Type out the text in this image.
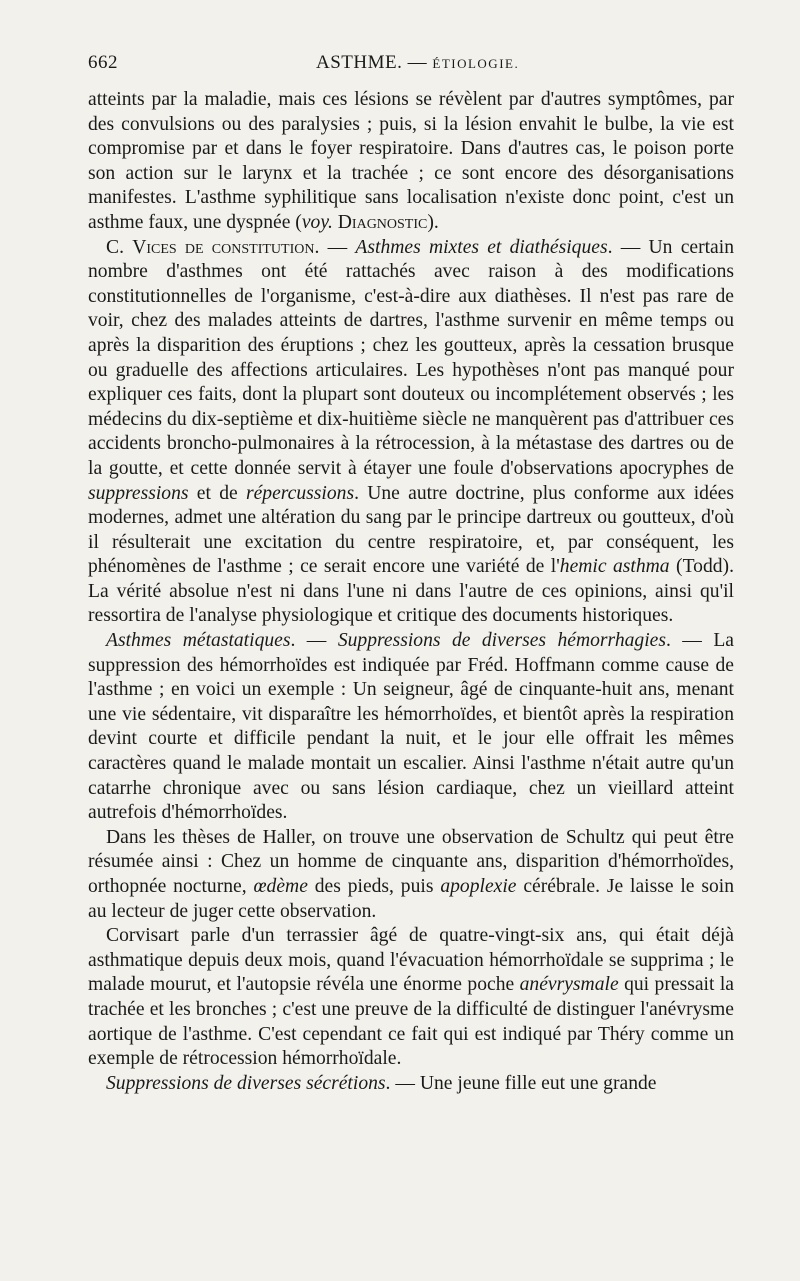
662	ASTHME. — ÉTIOLOGIE.

atteints par la maladie, mais ces lésions se révèlent par d'autres symptômes, par des convulsions ou des paralysies ; puis, si la lésion envahit le bulbe, la vie est compromise par et dans le foyer respiratoire. Dans d'autres cas, le poison porte son action sur le larynx et la trachée ; ce sont encore des désorganisations manifestes. L'asthme syphilitique sans localisation n'existe donc point, c'est un asthme faux, une dyspnée (voy. Diagnostic).

C. Vices de constitution. — Asthmes mixtes et diathésiques. — Un certain nombre d'asthmes ont été rattachés avec raison à des modifications constitutionnelles de l'organisme, c'est-à-dire aux diathèses. Il n'est pas rare de voir, chez des malades atteints de dartres, l'asthme survenir en même temps ou après la disparition des éruptions ; chez les goutteux, après la cessation brusque ou graduelle des affections articulaires. Les hypothèses n'ont pas manqué pour expliquer ces faits, dont la plupart sont douteux ou incomplétement observés ; les médecins du dix-septième et dix-huitième siècle ne manquèrent pas d'attribuer ces accidents broncho-pulmonaires à la rétrocession, à la métastase des dartres ou de la goutte, et cette donnée servit à étayer une foule d'observations apocryphes de suppressions et de répercussions. Une autre doctrine, plus conforme aux idées modernes, admet une altération du sang par le principe dartreux ou goutteux, d'où il résulterait une excitation du centre respiratoire, et, par conséquent, les phénomènes de l'asthme ; ce serait encore une variété de l'hemic asthma (Todd). La vérité absolue n'est ni dans l'une ni dans l'autre de ces opinions, ainsi qu'il ressortira de l'analyse physiologique et critique des documents historiques.

Asthmes métastatiques. — Suppressions de diverses hémorrhagies. — La suppression des hémorrhoïdes est indiquée par Fréd. Hoffmann comme cause de l'asthme ; en voici un exemple : Un seigneur, âgé de cinquante-huit ans, menant une vie sédentaire, vit disparaître les hémorrhoïdes, et bientôt après la respiration devint courte et difficile pendant la nuit, et le jour elle offrait les mêmes caractères quand le malade montait un escalier. Ainsi l'asthme n'était autre qu'un catarrhe chronique avec ou sans lésion cardiaque, chez un vieillard atteint autrefois d'hémorrhoïdes.

Dans les thèses de Haller, on trouve une observation de Schultz qui peut être résumée ainsi : Chez un homme de cinquante ans, disparition d'hémorrhoïdes, orthopnée nocturne, œdème des pieds, puis apoplexie cérébrale. Je laisse le soin au lecteur de juger cette observation.

Corvisart parle d'un terrassier âgé de quatre-vingt-six ans, qui était déjà asthmatique depuis deux mois, quand l'évacuation hémorrhoïdale se supprima ; le malade mourut, et l'autopsie révéla une énorme poche anévrysmale qui pressait la trachée et les bronches ; c'est une preuve de la difficulté de distinguer l'anévrysme aortique de l'asthme. C'est cependant ce fait qui est indiqué par Théry comme un exemple de rétrocession hémorrhoïdale.

Suppressions de diverses sécrétions. — Une jeune fille eut une grande
